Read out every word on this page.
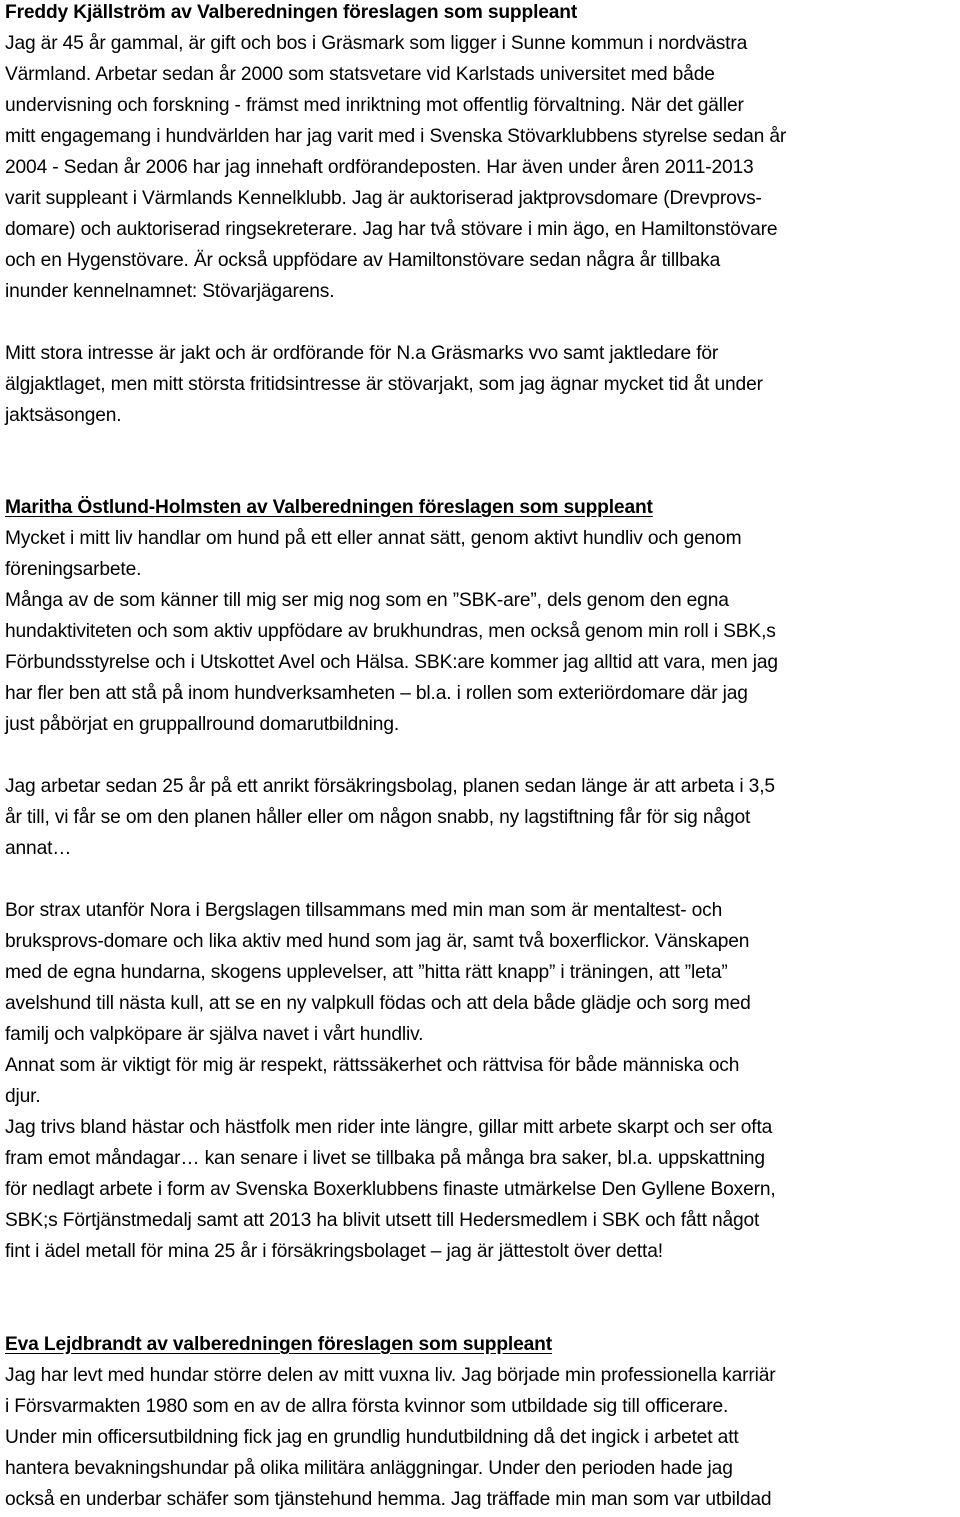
Freddy Kjällström av Valberedningen föreslagen som suppleant
Jag är 45 år gammal, är gift och bos i Gräsmark som ligger i Sunne kommun i nordvästra
Värmland. Arbetar sedan år 2000 som statsvetare vid Karlstads universitet med både
undervisning och forskning - främst med inriktning mot offentlig förvaltning. När det gäller
mitt engagemang i hundvärlden har jag varit med i Svenska Stövarklubbens styrelse sedan år
2004 - Sedan år 2006 har jag innehaft ordförandeposten. Har även under åren 2011-2013
varit suppleant i Värmlands Kennelklubb. Jag är auktoriserad jaktprovsdomare (Drevprovs-
domare) och auktoriserad ringsekreterare. Jag har två stövare i min ägo, en Hamiltonstövare
och en Hygenstövare. Är också uppfödare av Hamiltonstövare sedan några år tillbaka
inunder kennelnamnet: Stövarjägarens.
Mitt stora intresse är jakt och är ordförande för N.a Gräsmarks vvo samt jaktledare för
älgjaktlaget, men mitt största fritidsintresse är stövarjakt, som jag ägnar mycket tid åt under
jaktsäsongen.
Maritha Östlund-Holmsten av Valberedningen föreslagen som suppleant
Mycket i mitt liv handlar om hund på ett eller annat sätt, genom aktivt hundliv och genom
föreningsarbete.
Många av de som känner till mig ser mig nog som en ”SBK-are”, dels genom den egna
hundaktiviteten och som aktiv uppfödare av brukhundras, men också genom min roll i SBK,s
Förbundsstyrelse och i Utskottet Avel och Hälsa. SBK:are kommer jag alltid att vara, men jag
har fler ben att stå på inom hundverksamheten – bl.a. i rollen som exteriördomare där jag
just påbörjat en gruppallround domarutbildning.
Jag arbetar sedan 25 år på ett anrikt försäkringsbolag, planen sedan länge är att arbeta i 3,5
år till, vi får se om den planen håller eller om någon snabb, ny lagstiftning får för sig något
annat…
Bor strax utanför Nora i Bergslagen tillsammans med min man som är mentaltest- och
bruksprovs-domare och lika aktiv med hund som jag är, samt två boxerflickor. Vänskapen
med de egna hundarna, skogens upplevelser, att ”hitta rätt knapp” i träningen, att ”leta”
avelshund till nästa kull, att se en ny valpkull födas och att dela både glädje och sorg med
familj och valpköpare är själva navet i vårt hundliv.
Annat som är viktigt för mig är respekt, rättssäkerhet och rättvisa för både människa och
djur.
Jag trivs bland hästar och hästfolk men rider inte längre, gillar mitt arbete skarpt och ser ofta
fram emot måndagar… kan senare i livet se tillbaka på många bra saker, bl.a. uppskattning
för nedlagt arbete i form av Svenska Boxerklubbens finaste utmärkelse Den Gyllene Boxern,
SBK;s Förtjänstmedalj samt att 2013 ha blivit utsett till Hedersmedlem i SBK och fått något
fint i ädel metall för mina 25 år i försäkringsbolaget – jag är jättestolt över detta!
Eva Lejdbrandt av valberedningen föreslagen som suppleant
Jag har levt med hundar större delen av mitt vuxna liv. Jag började min professionella karriär
i Försvarmakten 1980 som en av de allra första kvinnor som utbildade sig till officerare.
Under min officersutbildning fick jag en grundlig hundutbildning då det ingick i arbetet att
hantera bevakningshundar på olika militära anläggningar. Under den perioden hade jag
också en underbar schäfer som tjänstehund hemma. Jag träffade min man som var utbildad
